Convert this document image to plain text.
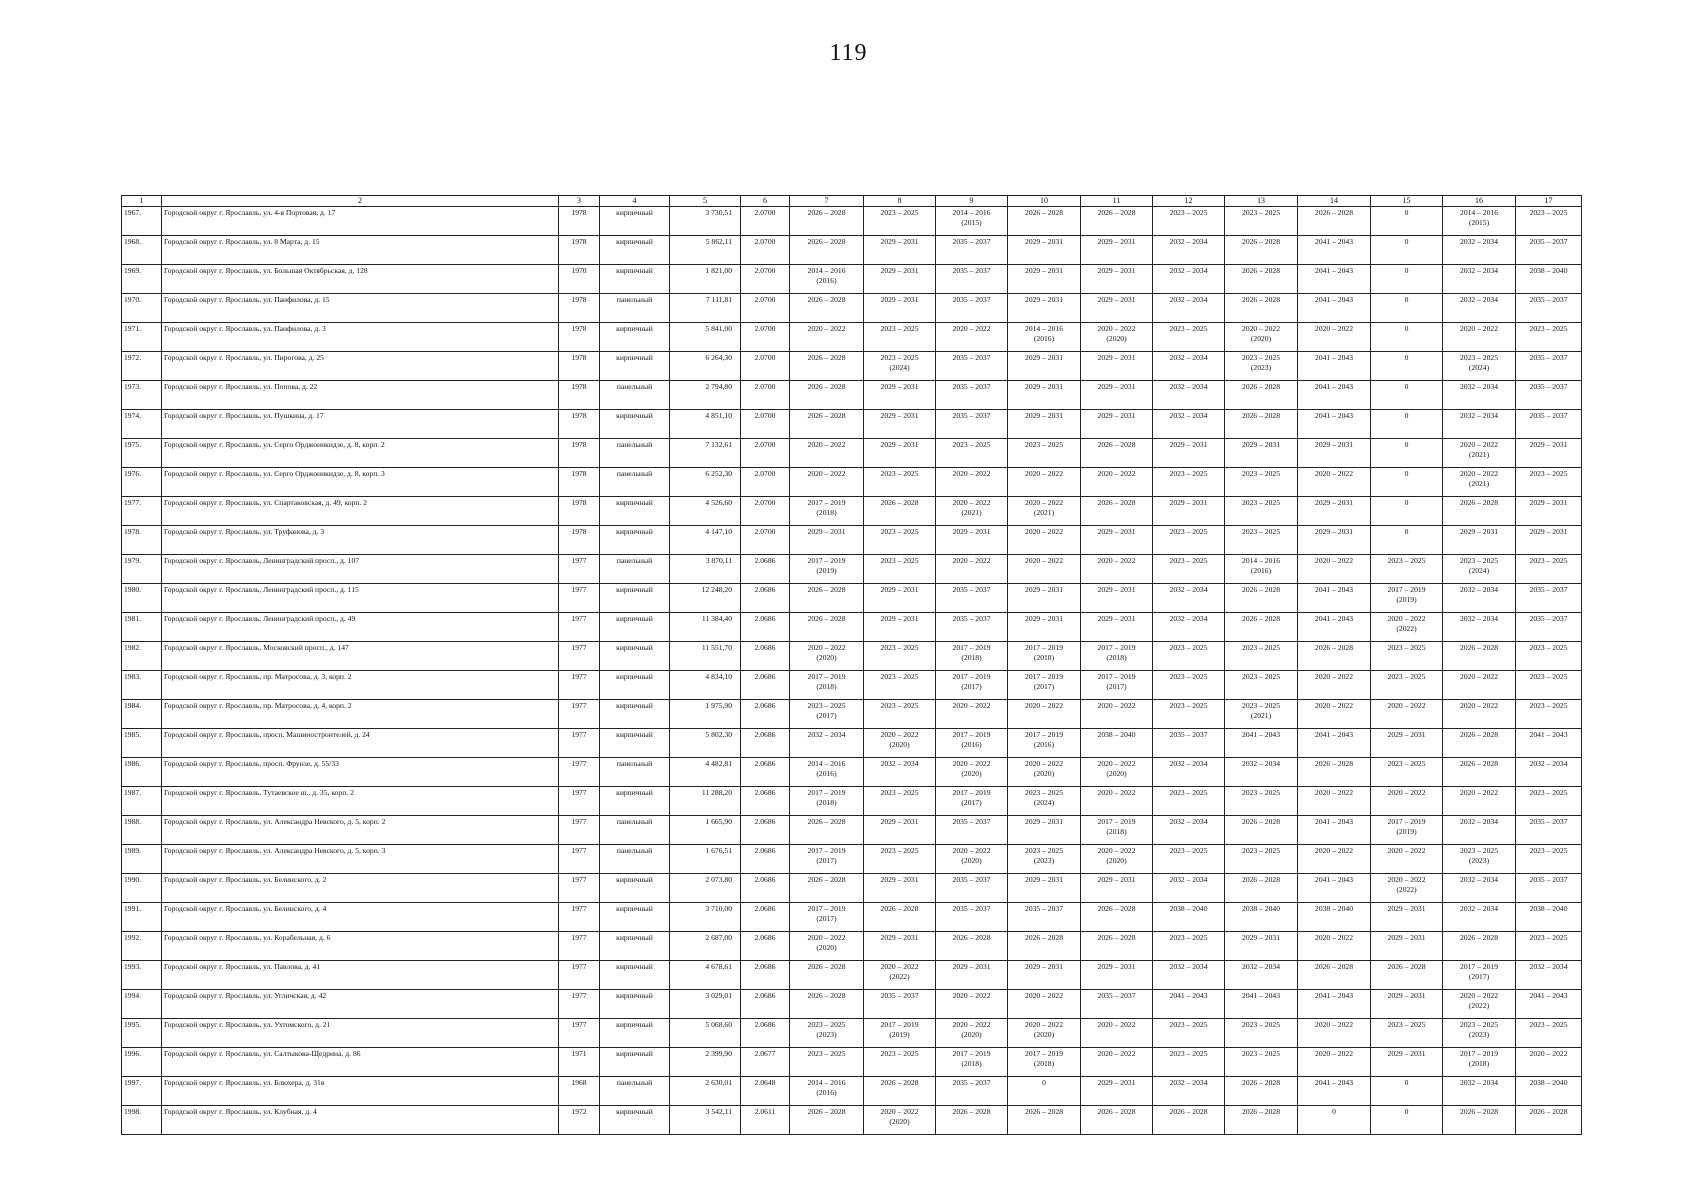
119
1	2	3	4	5	6	7	8	9	10	11	12	13	14	15	16	17
1967.	Городской округ г. Ярославль, ул. 4-я Портовая, д. 17	1978	кирпичный	3 730,51	2.0700	2026 – 2028	2023 – 2025	2014 – 2016
(2015)	2026 – 2028	2026 – 2028	2023 – 2025	2023 – 2025	2026 – 2028	0	2014 – 2016
(2015)	2023 – 2025

1968.	Городской округ г. Ярославль, ул. 8 Марта, д. 15	1978	кирпичный	5 862,11	2.0700	2026 – 2028	2029 – 2031	2035 – 2037	2029 – 2031	2029 – 2031	2032 – 2034	2026 – 2028	2041 – 2043	0	2032 – 2034	2035 – 2037

1969.	Городской округ г. Ярославль, ул. Большая Октябрьская, д. 128	1970	кирпичный	1 821,00	2.0700	2014 – 2016
(2016)	2029 – 2031	2035 – 2037	2029 – 2031	2029 – 2031	2032 – 2034	2026 – 2028	2041 – 2043	0	2032 – 2034	2038 – 2040

1970.	Городской округ г. Ярославль, ул. Панфилова, д. 15	1978	панельный	7 111,81	2.0700	2026 – 2028	2029 – 2031	2035 – 2037	2029 – 2031	2029 – 2031	2032 – 2034	2026 – 2028	2041 – 2043	0	2032 – 2034	2035 – 2037

1971.	Городской округ г. Ярославль, ул. Панфилова, д. 3	1978	кирпичный	5 841,00	2.0700	2020 – 2022	2023 – 2025	2020 – 2022	2014 – 2016
(2016)	2020 – 2022
(2020)	2023 – 2025	2020 – 2022
(2020)	2020 – 2022	0	2020 – 2022	2023 – 2025

1972.	Городской округ г. Ярославль, ул. Пирогова, д. 25	1978	кирпичный	6 264,30	2.0700	2026 – 2028	2023 – 2025
(2024)	2035 – 2037	2029 – 2031	2029 – 2031	2032 – 2034	2023 – 2025
(2023)	2041 – 2043	0	2023 – 2025
(2024)	2035 – 2037

1973.	Городской округ г. Ярославль, ул. Попова, д. 22	1978	панельный	2 794,80	2.0700	2026 – 2028	2029 – 2031	2035 – 2037	2029 – 2031	2029 – 2031	2032 – 2034	2026 – 2028	2041 – 2043	0	2032 – 2034	2035 – 2037

1974.	Городской округ г. Ярославль, ул. Пушкина, д. 17	1978	кирпичный	4 851,10	2.0700	2026 – 2028	2029 – 2031	2035 – 2037	2029 – 2031	2029 – 2031	2032 – 2034	2026 – 2028	2041 – 2043	0	2032 – 2034	2035 – 2037

1975.	Городской округ г. Ярославль, ул. Серго Орджоникидзе, д. 8, корп. 2	1978	панельный	7 132,61	2.0700	2020 – 2022	2029 – 2031	2023 – 2025	2023 – 2025	2026 – 2028	2029 – 2031	2029 – 2031	2029 – 2031	0	2020 – 2022
(2021)	2029 – 2031

1976.	Городской округ г. Ярославль, ул. Серго Орджоникидзе, д. 8, корп. 3	1978	панельный	6 252,30	2.0700	2020 – 2022	2023 – 2025	2020 – 2022	2020 – 2022	2020 – 2022	2023 – 2025	2023 – 2025	2020 – 2022	0	2020 – 2022
(2021)	2023 – 2025

1977.	Городской округ г. Ярославль, ул. Спартаковская, д. 49, корп. 2	1978	кирпичный	4 526,60	2.0700	2017 – 2019
(2018)	2026 – 2028	2020 – 2022
(2021)	2020 – 2022
(2021)	2026 – 2028	2029 – 2031	2023 – 2025	2029 – 2031	0	2026 – 2028	2029 – 2031

1978.	Городской округ г. Ярославль, ул. Труфанова, д. 3	1978	кирпичный	4 147,10	2.0700	2029 – 2031	2023 – 2025	2029 – 2031	2020 – 2022	2029 – 2031	2023 – 2025	2023 – 2025	2029 – 2031	0	2029 – 2031	2029 – 2031

1979.	Городской округ г. Ярославль, Ленинградский просп., д. 107	1977	панельный	3 870,11	2.0686	2017 – 2019
(2019)	2023 – 2025	2020 – 2022	2020 – 2022	2020 – 2022	2023 – 2025	2014 – 2016
(2016)	2020 – 2022	2023 – 2025	2023 – 2025
(2024)	2023 – 2025

1980.	Городской округ г. Ярославль, Ленинградский просп., д. 115	1977	кирпичный	12 248,20	2.0686	2026 – 2028	2029 – 2031	2035 – 2037	2029 – 2031	2029 – 2031	2032 – 2034	2026 – 2028	2041 – 2043	2017 – 2019
(2019)	2032 – 2034	2035 – 2037

1981.	Городской округ г. Ярославль, Ленинградский просп., д. 49	1977	кирпичный	11 384,40	2.0686	2026 – 2028	2029 – 2031	2035 – 2037	2029 – 2031	2029 – 2031	2032 – 2034	2026 – 2028	2041 – 2043	2020 – 2022
(2022)	2032 – 2034	2035 – 2037

1982.	Городской округ г. Ярославль, Московский просп., д. 147	1977	кирпичный	11 551,70	2.0686	2020 – 2022
(2020)	2023 – 2025	2017 – 2019
(2018)	2017 – 2019
(2018)	2017 – 2019
(2018)	2023 – 2025	2023 – 2025	2026 – 2028	2023 – 2025	2026 – 2028	2023 – 2025

1983.	Городской округ г. Ярославль, пр. Матросова, д. 3, корп. 2	1977	кирпичный	4 834,10	2.0686	2017 – 2019
(2018)	2023 – 2025	2017 – 2019
(2017)	2017 – 2019
(2017)	2017 – 2019
(2017)	2023 – 2025	2023 – 2025	2020 – 2022	2023 – 2025	2020 – 2022	2023 – 2025

1984.	Городской округ г. Ярославль, пр. Матросова, д. 4, корп. 2	1977	кирпичный	1 975,90	2.0686	2023 – 2025
(2017)	2023 – 2025	2020 – 2022	2020 – 2022	2020 – 2022	2023 – 2025	2023 – 2025
(2021)	2020 – 2022	2020 – 2022	2020 – 2022	2023 – 2025

1985.	Городской округ г. Ярославль, просп. Машиностроителей, д. 24	1977	кирпичный	5 802,30	2.0686	2032 – 2034	2020 – 2022
(2020)	2017 – 2019
(2016)	2017 – 2019
(2016)	2038 – 2040	2035 – 2037	2041 – 2043	2041 – 2043	2029 – 2031	2026 – 2028	2041 – 2043

1986.	Городской округ г. Ярославль, просп. Фрунзе, д. 55/33	1977	панельный	4 482,81	2.0686	2014 – 2016
(2016)	2032 – 2034	2020 – 2022
(2020)	2020 – 2022
(2020)	2020 – 2022
(2020)	2032 – 2034	2032 – 2034	2026 – 2028	2023 – 2025	2026 – 2028	2032 – 2034

1987.	Городской округ г. Ярославль, Тутаевское ш., д. 35, корп. 2	1977	кирпичный	11 288,20	2.0686	2017 – 2019
(2018)	2023 – 2025	2017 – 2019
(2017)	2023 – 2025
(2024)	2020 – 2022	2023 – 2025	2023 – 2025	2020 – 2022	2020 – 2022	2020 – 2022	2023 – 2025

1988.	Городской округ г. Ярославль, ул. Александра Невского, д. 5, корп. 2	1977	панельный	1 665,90	2.0686	2026 – 2028	2029 – 2031	2035 – 2037	2029 – 2031	2017 – 2019
(2018)	2032 – 2034	2026 – 2028	2041 – 2043	2017 – 2019
(2019)	2032 – 2034	2035 – 2037

1989.	Городской округ г. Ярославль, ул. Александра Невского, д. 5, корп. 3	1977	панельный	1 676,51	2.0686	2017 – 2019
(2017)	2023 – 2025	2020 – 2022
(2020)	2023 – 2025
(2023)	2020 – 2022
(2020)	2023 – 2025	2023 – 2025	2020 – 2022	2020 – 2022	2023 – 2025
(2023)	2023 – 2025

1990.	Городской округ г. Ярославль, ул. Белинского, д. 2	1977	кирпичный	2 073,80	2.0686	2026 – 2028	2029 – 2031	2035 – 2037	2029 – 2031	2029 – 2031	2032 – 2034	2026 – 2028	2041 – 2043	2020 – 2022
(2022)	2032 – 2034	2035 – 2037

1991.	Городской округ г. Ярославль, ул. Белинского, д. 4	1977	кирпичный	3 710,00	2.0686	2017 – 2019
(2017)	2026 – 2028	2035 – 2037	2035 – 2037	2026 – 2028	2038 – 2040	2038 – 2040	2038 – 2040	2029 – 2031	2032 – 2034	2038 – 2040

1992.	Городской округ г. Ярославль, ул. Корабельная, д. 6	1977	кирпичный	2 687,00	2.0686	2020 – 2022
(2020)	2029 – 2031	2026 – 2028	2026 – 2028	2026 – 2028	2023 – 2025	2029 – 2031	2020 – 2022	2029 – 2031	2026 – 2028	2023 – 2025

1993.	Городской округ г. Ярославль, ул. Павлова, д. 41	1977	кирпичный	4 678,61	2.0686	2026 – 2028	2020 – 2022
(2022)	2029 – 2031	2029 – 2031	2029 – 2031	2032 – 2034	2032 – 2034	2026 – 2028	2026 – 2028	2017 – 2019
(2017)	2032 – 2034

1994.	Городской округ г. Ярославль, ул. Угличская, д. 42	1977	кирпичный	3 029,01	2.0686	2026 – 2028	2035 – 2037	2020 – 2022	2020 – 2022	2035 – 2037	2041 – 2043	2041 – 2043	2041 – 2043	2029 – 2031	2020 – 2022
(2022)	2041 – 2043

1995.	Городской округ г. Ярославль, ул. Ухтомского, д. 21	1977	кирпичный	5 068,60	2.0686	2023 – 2025
(2023)	2017 – 2019
(2019)	2020 – 2022
(2020)	2020 – 2022
(2020)	2020 – 2022	2023 – 2025	2023 – 2025	2020 – 2022	2023 – 2025	2023 – 2025
(2023)	2023 – 2025

1996.	Городской округ г. Ярославль, ул. Салтыкова-Щедрина, д. 86	1971	кирпичный	2 399,90	2.0677	2023 – 2025	2023 – 2025	2017 – 2019
(2018)	2017 – 2019
(2018)	2020 – 2022	2023 – 2025	2023 – 2025	2020 – 2022	2029 – 2031	2017 – 2019
(2018)	2020 – 2022

1997.	Городской округ г. Ярославль, ул. Блюхера, д. 31в	1968	панельный	2 630,01	2.0648	2014 – 2016
(2016)	2026 – 2028	2035 – 2037	0	2029 – 2031	2032 – 2034	2026 – 2028	2041 – 2043	0	2032 – 2034	2038 – 2040

1998.	Городской округ г. Ярославль, ул. Клубная, д. 4	1972	кирпичный	3 542,11	2.0611	2026 – 2028	2020 – 2022
(2020)	2026 – 2028	2026 – 2028	2026 – 2028	2026 – 2028	2026 – 2028	0	0	2026 – 2028	2026 – 2028
